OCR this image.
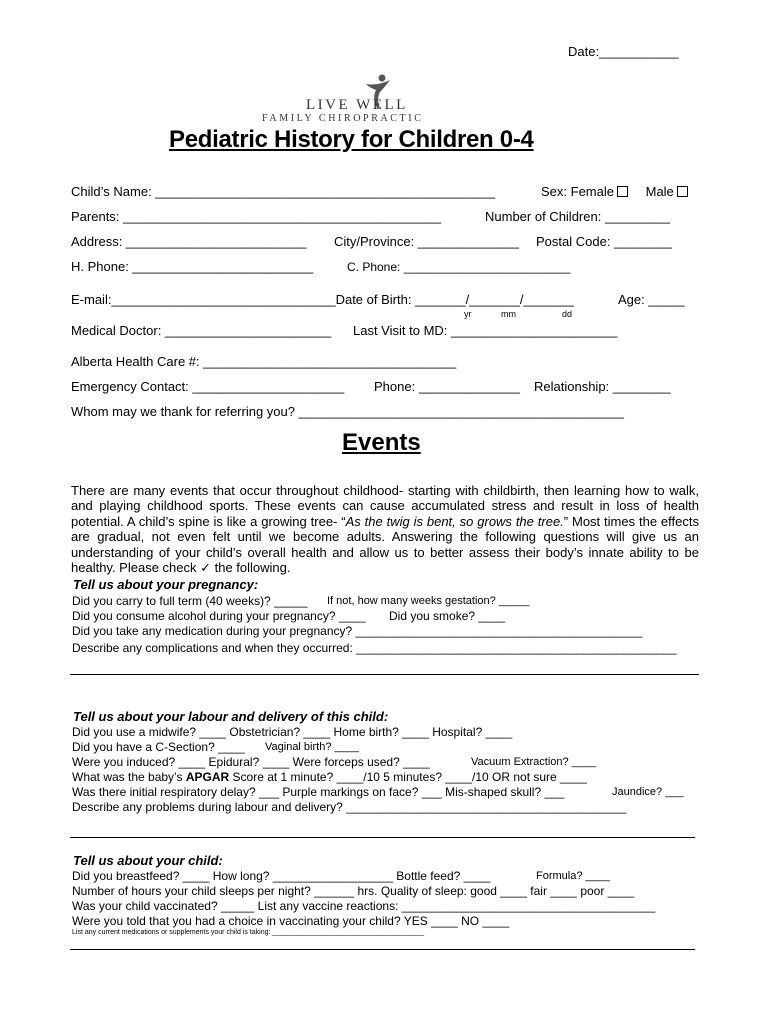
Date:___________
LIVE WELL
FAMILY CHIROPRACTIC
Pediatric History for Children 0-4
Child’s Name: _______________________________________________	Sex: Female Male
Parents: ____________________________________________	Number of Children: _________
Address: _________________________ City/Province: ______________ Postal Code: ________
H. Phone: _________________________	C. Phone: _________________________
E-mail:_______________________________Date of Birth: _______/_______/_______	Age: _____
yr	mm	dd
Medical Doctor: _______________________ Last Visit to MD: _______________________
Alberta Health Care #: ___________________________________
Emergency Contact: _____________________ Phone: ______________ Relationship: ________
Whom may we thank for referring you? _____________________________________________
Events
There are many events that occur throughout childhood- starting with childbirth, then learning how to walk, and playing childhood sports. These events can cause accumulated stress and result in loss of health potential. A child’s spine is like a growing tree- “As the twig is bent, so grows the tree.” Most times the effects are gradual, not even felt until we become adults. Answering the following questions will give us an understanding of your child’s overall health and allow us to better assess their body’s innate ability to be healthy. Please check ✓ the following.
Tell us about your pregnancy:
Did you carry to full term (40 weeks)? _____ If not, how many weeks gestation? _____
Did you consume alcohol during your pregnancy? ____ Did you smoke? ____
Did you take any medication during your pregnancy? ___________________________________________
Describe any complications and when they occurred: ________________________________________________
Tell us about your labour and delivery of this child:
Did you use a midwife? ____ Obstetrician? ____ Home birth? ____ Hospital? ____
Did you have a C-Section? ____ Vaginal birth? ____
Were you induced? ____ Epidural? ____ Were forceps used? ____	Vacuum Extraction? ____
What was the baby’s APGAR Score at 1 minute? ____/10 5 minutes? ____/10 OR not sure ____
Was there initial respiratory delay? ___ Purple markings on face? ___ Mis-shaped skull? ___	Jaundice? ___
Describe any problems during labour and delivery? __________________________________________
Tell us about your child:
Did you breastfeed? ____ How long? __________________ Bottle feed? ____	Formula? ____
Number of hours your child sleeps per night? ______ hrs. Quality of sleep: good ____ fair ____ poor ____
Was your child vaccinated? _____ List any vaccine reactions: ______________________________________
Were you told that you had a choice in vaccinating your child? YES ____ NO ____
List any current medications or supplements your child is taking: _______________________________________
